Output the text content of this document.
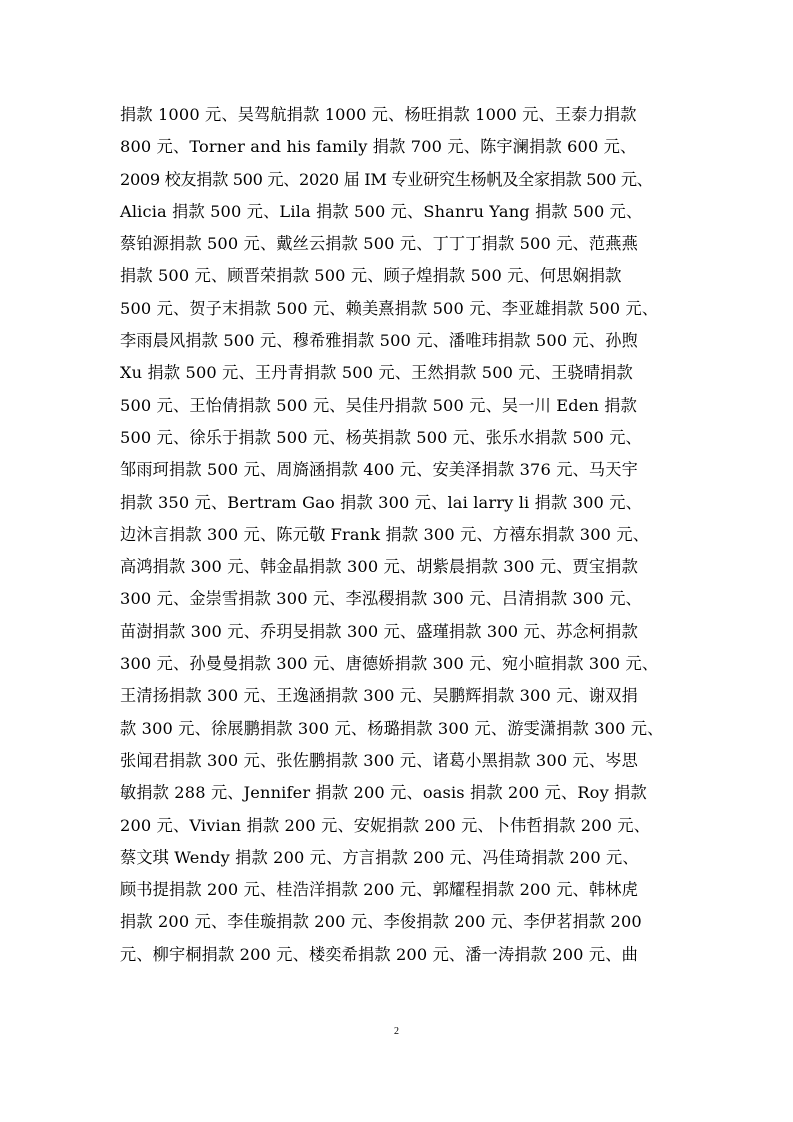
捐款 1000 元、吴驾航捐款 1000 元、杨旺捐款 1000 元、王泰力捐款
800 元、Torner and his family 捐款 700 元、陈宇澜捐款 600 元、
2009 校友捐款 500 元、2020 届 IM 专业研究生杨帆及全家捐款 500 元、
Alicia 捐款 500 元、Lila 捐款 500 元、Shanru Yang 捐款 500 元、
蔡铂源捐款 500 元、戴丝云捐款 500 元、丁丁丁捐款 500 元、范燕燕
捐款 500 元、顾晋荣捐款 500 元、顾子煌捐款 500 元、何思娴捐款
500 元、贺子末捐款 500 元、赖美熹捐款 500 元、李亚雄捐款 500 元、
李雨晨风捐款 500 元、穆希雅捐款 500 元、潘唯玮捐款 500 元、孙煦
Xu 捐款 500 元、王丹青捐款 500 元、王然捐款 500 元、王骁晴捐款
500 元、王怡倩捐款 500 元、吴佳丹捐款 500 元、吴一川 Eden 捐款
500 元、徐乐于捐款 500 元、杨英捐款 500 元、张乐水捐款 500 元、
邹雨珂捐款 500 元、周旖涵捐款 400 元、安美泽捐款 376 元、马天宇
捐款 350 元、Bertram Gao 捐款 300 元、lai larry li 捐款 300 元、
边沐言捐款 300 元、陈元敬 Frank 捐款 300 元、方禧东捐款 300 元、
高鸿捐款 300 元、韩金晶捐款 300 元、胡紫晨捐款 300 元、贾宝捐款
300 元、金崇雪捐款 300 元、李泓稷捐款 300 元、吕清捐款 300 元、
苗澍捐款 300 元、乔玥旻捐款 300 元、盛瑾捐款 300 元、苏念柯捐款
300 元、孙曼曼捐款 300 元、唐德娇捐款 300 元、宛小暄捐款 300 元、
王清扬捐款 300 元、王逸涵捐款 300 元、吴鹏辉捐款 300 元、谢双捐
款 300 元、徐展鹏捐款 300 元、杨璐捐款 300 元、游雯潇捐款 300 元、
张闻君捐款 300 元、张佐鹏捐款 300 元、诸葛小黑捐款 300 元、岑思
敏捐款 288 元、Jennifer 捐款 200 元、oasis 捐款 200 元、Roy 捐款
200 元、Vivian 捐款 200 元、安妮捐款 200 元、卜伟哲捐款 200 元、
蔡文琪 Wendy 捐款 200 元、方言捐款 200 元、冯佳琦捐款 200 元、
顾书提捐款 200 元、桂浩洋捐款 200 元、郭耀程捐款 200 元、韩林虎
捐款 200 元、李佳璇捐款 200 元、李俊捐款 200 元、李伊茗捐款 200
元、柳宇桐捐款 200 元、楼奕希捐款 200 元、潘一涛捐款 200 元、曲
2
